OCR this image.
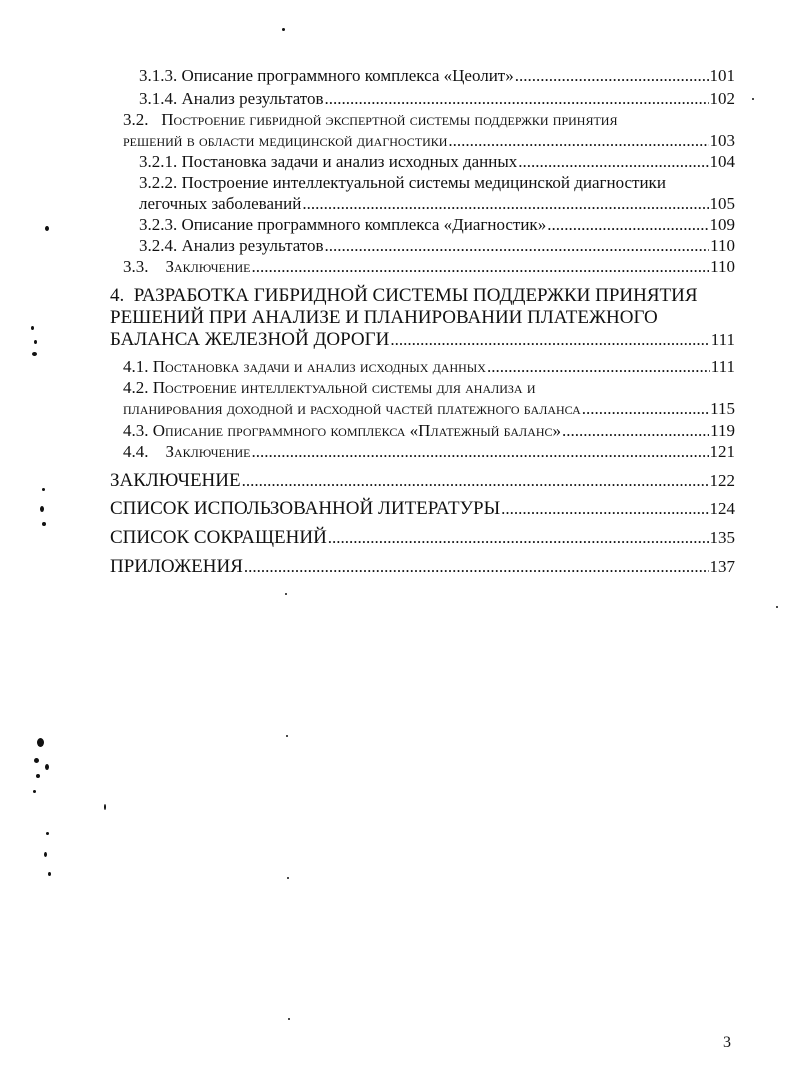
3.1.3. Описание программного комплекса «Цеолит» .....	101
3.1.4. Анализ результатов .....	102
3.2.   Построение гибридной экспертной системы поддержки принятия
решений в области медицинской диагностики .....	103
3.2.1. Постановка задачи и анализ исходных данных .....	104
3.2.2. Построение интеллектуальной системы медицинской диагностики
легочных заболеваний .....	105
3.2.3. Описание программного комплекса «Диагностик» .....	109
3.2.4. Анализ результатов .....	110
3.3.    Заключение .....	110
4.  РАЗРАБОТКА ГИБРИДНОЙ СИСТЕМЫ ПОДДЕРЖКИ ПРИНЯТИЯ
РЕШЕНИЙ ПРИ АНАЛИЗЕ И ПЛАНИРОВАНИИ ПЛАТЕЖНОГО
БАЛАНСА ЖЕЛЕЗНОЙ ДОРОГИ .....	111
4.1. Постановка задачи и анализ исходных данных .....	111
4.2. Построение интеллектуальной системы для анализа и
планирования доходной и расходной частей платежного баланса .....	115
4.3. Описание программного комплекса «Платежный баланс» .....	119
4.4.    Заключение .....	121
ЗАКЛЮЧЕНИЕ .....	122
СПИСОК ИСПОЛЬЗОВАННОЙ ЛИТЕРАТУРЫ .....	124
СПИСОК СОКРАЩЕНИЙ .....	135
ПРИЛОЖЕНИЯ .....	137
3
